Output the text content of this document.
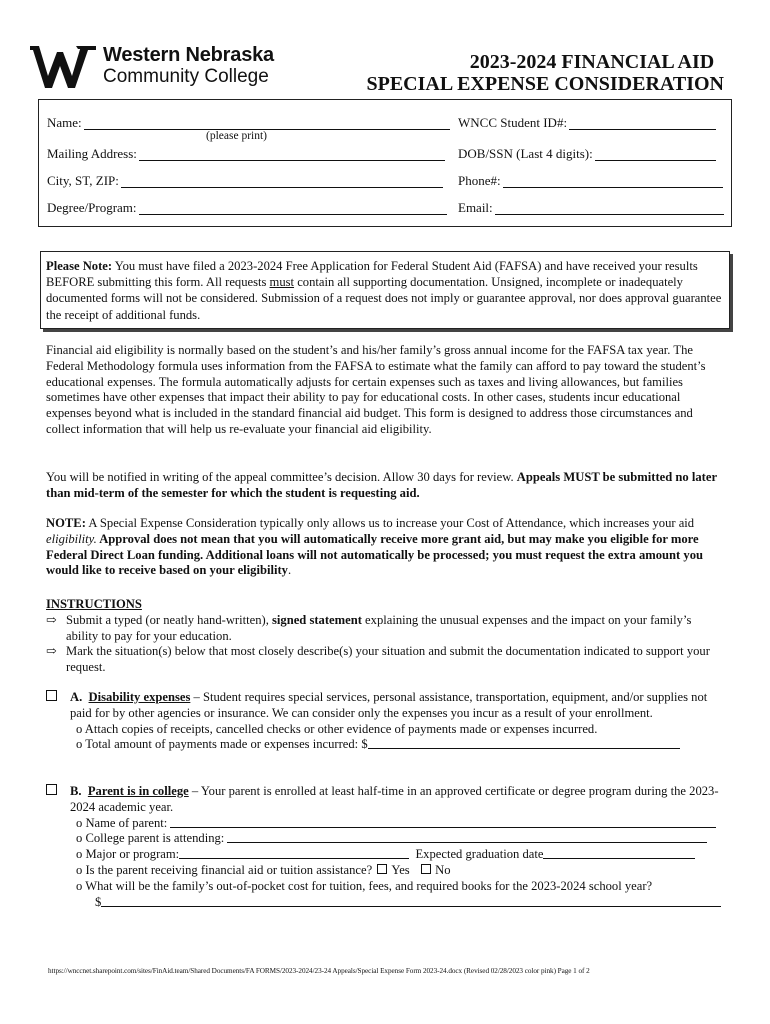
Western Nebraska
Community College
2023-2024 FINANCIAL AID
SPECIAL EXPENSE CONSIDERATION
Name:	WNCC Student ID#:
(please print)
Mailing Address:	DOB/SSN (Last 4 digits):
City, ST, ZIP:	Phone#:
Degree/Program:	Email:
Please Note: You must have filed a 2023-2024 Free Application for Federal Student Aid (FAFSA) and have received your results BEFORE submitting this form. All requests must contain all supporting documentation. Unsigned, incomplete or inadequately documented forms will not be considered. Submission of a request does not imply or guarantee approval, nor does approval guarantee the receipt of additional funds.
Financial aid eligibility is normally based on the student’s and his/her family’s gross annual income for the FAFSA tax year. The Federal Methodology formula uses information from the FAFSA to estimate what the family can afford to pay toward the student’s educational expenses. The formula automatically adjusts for certain expenses such as taxes and living allowances, but families sometimes have other expenses that impact their ability to pay for educational costs. In other cases, students incur educational expenses beyond what is included in the standard financial aid budget. This form is designed to address those circumstances and collect information that will help us re-evaluate your financial aid eligibility.
You will be notified in writing of the appeal committee’s decision. Allow 30 days for review. Appeals MUST be submitted no later than mid-term of the semester for which the student is requesting aid.
NOTE: A Special Expense Consideration typically only allows us to increase your Cost of Attendance, which increases your aid eligibility. Approval does not mean that you will automatically receive more grant aid, but may make you eligible for more Federal Direct Loan funding. Additional loans will not automatically be processed; you must request the extra amount you would like to receive based on your eligibility.
INSTRUCTIONS
⇨ Submit a typed (or neatly hand-written), signed statement explaining the unusual expenses and the impact on your family’s ability to pay for your education.
⇨ Mark the situation(s) below that most closely describe(s) your situation and submit the documentation indicated to support your request.
A. Disability expenses – Student requires special services, personal assistance, transportation, equipment, and/or supplies not paid for by other agencies or insurance. We can consider only the expenses you incur as a result of your enrollment.
o Attach copies of receipts, cancelled checks or other evidence of payments made or expenses incurred.
o Total amount of payments made or expenses incurred: $
B. Parent is in college – Your parent is enrolled at least half-time in an approved certificate or degree program during the 2023-2024 academic year.
o Name of parent:
o College parent is attending:
o Major or program:	Expected graduation date
o Is the parent receiving financial aid or tuition assistance? Yes No
o What will be the family’s out-of-pocket cost for tuition, fees, and required books for the 2023-2024 school year?
$
https://wnccnet.sharepoint.com/sites/FinAid.team/Shared Documents/FA FORMS/2023-2024/23-24 Appeals/Special Expense Form 2023-24.docx (Revised 02/28/2023 color pink) Page 1 of 2
